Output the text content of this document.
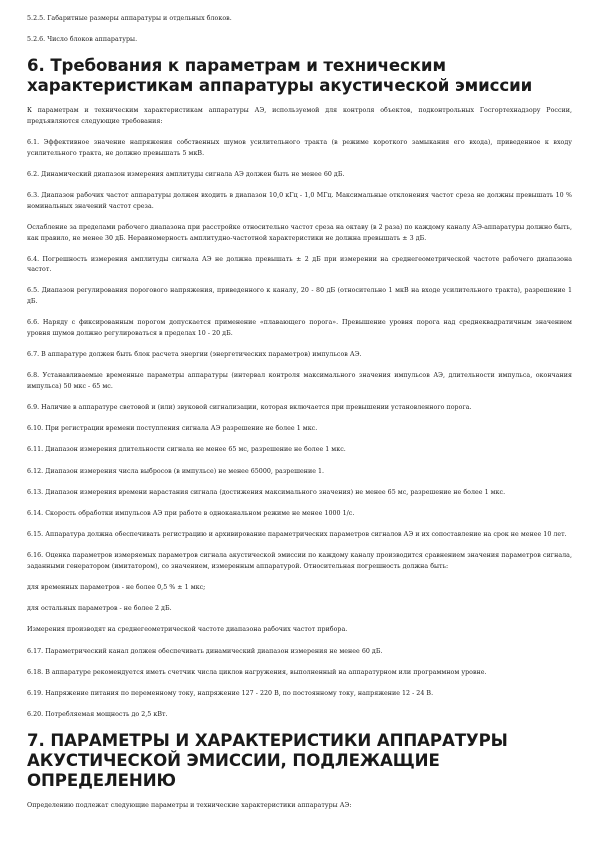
5.2.5. Габаритные размеры аппаратуры и отдельных блоков.

5.2.6. Число блоков аппаратуры.

6. Требования к параметрам и техническим характеристикам аппаратуры акустической эмиссии

К параметрам и техническим характеристикам аппаратуры АЭ, используемой для контроля объектов, подконтрольных Госгортехнадзору России, предъявляются следующие требования:

6.1. Эффективное значение напряжения собственных шумов усилительного тракта (в режиме короткого замыкания его входа), приведенное к входу усилительного тракта, не должно превышать 5 мкВ.

6.2. Динамический диапазон измерения амплитуды сигнала АЭ должен быть не менее 60 дБ.

6.3. Диапазон рабочих частот аппаратуры должен входить в диапазон 10,0 кГц - 1,0 МГц. Максимальные отклонения частот среза не должны превышать 10 % номинальных значений частот среза.

Ослабление за пределами рабочего диапазона при расстройке относительно частот среза на октаву (в 2 раза) по каждому каналу АЭ-аппаратуры должно быть, как правило, не менее 30 дБ. Неравномерность амплитудно-частотной характеристики не должна превышать ± 3 дБ.

6.4. Погрешность измерения амплитуды сигнала АЭ не должна превышать ± 2 дБ при измерении на среднегеометрической частоте рабочего диапазона частот.

6.5. Диапазон регулирования порогового напряжения, приведенного к каналу, 20 - 80 дБ (относительно 1 мкВ на входе усилительного тракта), разрешение 1 дБ.

6.6. Наряду с фиксированным порогом допускается применение «плавающего порога». Превышение уровня порога над среднеквадратичным значением уровня шумов должно регулироваться в пределах 10 - 20 дБ.

6.7. В аппаратуре должен быть блок расчета энергии (энергетических параметров) импульсов АЭ.

6.8. Устанавливаемые временные параметры аппаратуры (интервал контроля максимального значения импульсов АЭ, длительности импульса, окончания импульса) 50 мкс - 65 мс.

6.9. Наличие в аппаратуре световой и (или) звуковой сигнализации, которая включается при превышении установленного порога.

6.10. При регистрации времени поступления сигнала АЭ разрешение не более 1 мкс.

6.11. Диапазон измерения длительности сигнала не менее 65 мс, разрешение не более 1 мкс.

6.12. Диапазон измерения числа выбросов (в импульсе) не менее 65000, разрешение 1.

6.13. Диапазон измерения времени нарастания сигнала (достижения максимального значения) не менее 65 мс, разрешение не более 1 мкс.

6.14. Скорость обработки импульсов АЭ при работе в одноканальном режиме не менее 1000 1/с.

6.15. Аппаратура должна обеспечивать регистрацию и архивирование параметрических параметров сигналов АЭ и их сопоставление на срок не менее 10 лет.

6.16. Оценка параметров измеряемых параметров сигнала акустической эмиссии по каждому каналу производится сравнением значения параметров сигнала, заданными генератором (имитатором), со значением, измеренным аппаратурой. Относительная погрешность должна быть:

для временных параметров - не более 0,5 % ± 1 мкс;

для остальных параметров - не более 2 дБ.

Измерения производят на среднегеометрической частоте диапазона рабочих частот прибора.

6.17. Параметрический канал должен обеспечивать динамический диапазон измерения не менее 60 дБ.

6.18. В аппаратуре рекомендуется иметь счетчик числа циклов нагружения, выполненный на аппаратурном или программном уровне.

6.19. Напряжение питания по переменному току, напряжение 127 - 220 В, по постоянному току, напряжение 12 - 24 В.

6.20. Потребляемая мощность до 2,5 кВт.

7. ПАРАМЕТРЫ И ХАРАКТЕРИСТИКИ АППАРАТУРЫ АКУСТИЧЕСКОЙ ЭМИССИИ, ПОДЛЕЖАЩИЕ ОПРЕДЕЛЕНИЮ

Определению подлежат следующие параметры и технические характеристики аппаратуры АЭ:
